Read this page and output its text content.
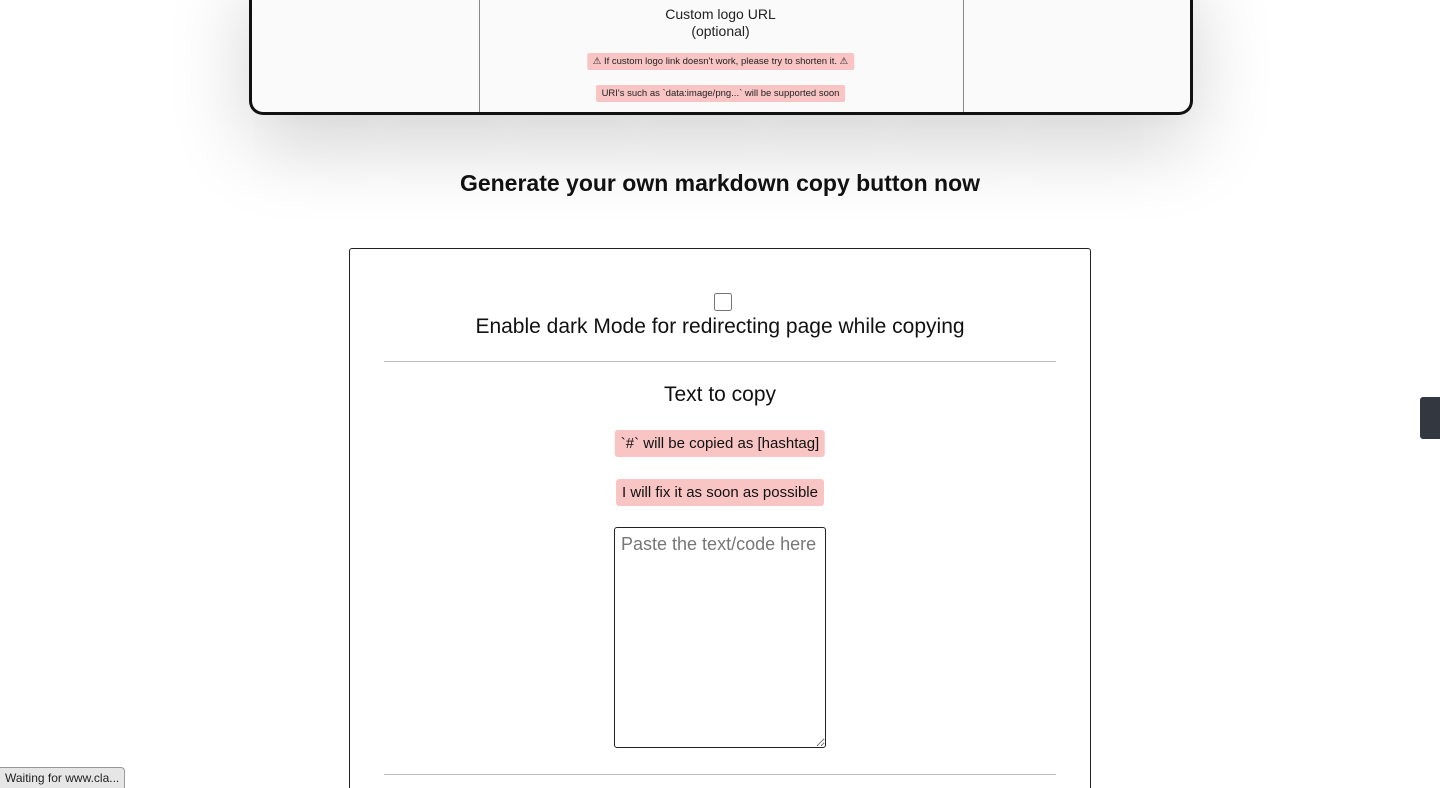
Custom logo URL
(optional)
⚠ If custom logo link doesn't work, please try to shorten it. ⚠
URI's such as `data:image/png...` will be supported soon
Generate your own markdown copy button now
Enable dark Mode for redirecting page while copying
Text to copy
`#` will be copied as [hashtag]
I will fix it as soon as possible
Paste the text/code here
Waiting for www.cla...
